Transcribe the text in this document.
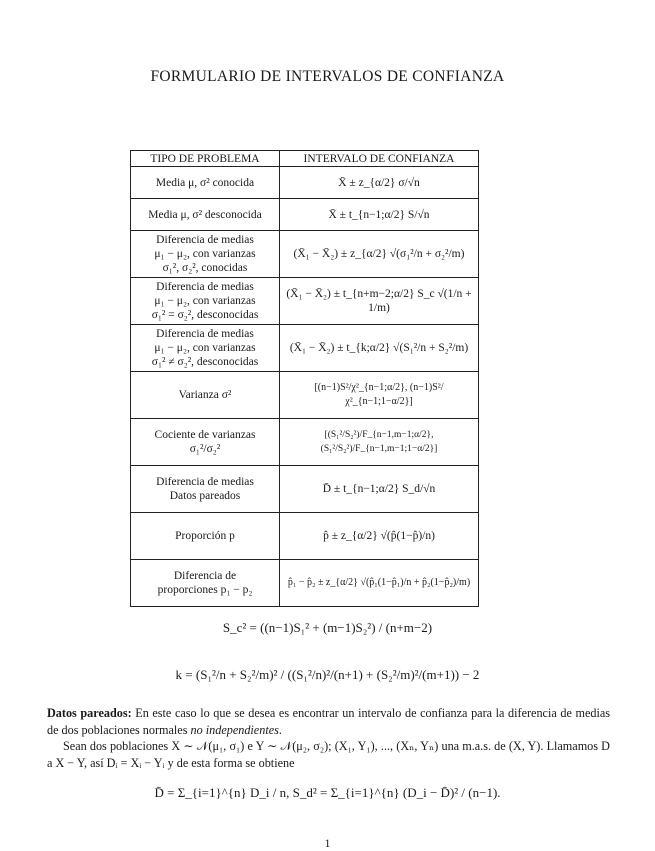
FORMULARIO DE INTERVALOS DE CONFIANZA
TIPO DE PROBLEMA	INTERVALO DE CONFIANZA
Media μ, σ² conocida	X̄ ± z_{α/2} σ/√n
Media μ, σ² desconocida	X̄ ± t_{n−1;α/2} S/√n

Diferencia de medias
μ₁ − μ₂, con varianzas
σ₁², σ₂², conocidas	(X̄₁ − X̄₂) ± z_{α/2} √(σ₁²/n + σ₂²/m)

Diferencia de medias
μ₁ − μ₂, con varianzas
σ₁² = σ₂², desconocidas	(X̄₁ − X̄₂) ± t_{n+m−2;α/2} S_c √(1/n + 1/m)

Diferencia de medias
μ₁ − μ₂, con varianzas
σ₁² ≠ σ₂², desconocidas	(X̄₁ − X̄₂) ± t_{k;α/2} √(S₁²/n + S₂²/m)
Varianza σ²	[(n−1)S²/χ²_{n−1;α/2}, (n−1)S²/χ²_{n−1;1−α/2}]

Cociente de varianzas
σ₁²/σ₂²	[(S₁²/S₂²)/F_{n−1,m−1;α/2}, (S₁²/S₂²)/F_{n−1,m−1;1−α/2}]

Diferencia de medias
Datos pareados	D̄ ± t_{n−1;α/2} S_d/√n
Proporción p	p̂ ± z_{α/2} √(p̂(1−p̂)/n)

Diferencia de
proporciones p₁ − p₂	p̂₁ − p̂₂ ± z_{α/2} √(p̂₁(1−p̂₁)/n + p̂₂(1−p̂₂)/m)
S_c² = ((n−1)S₁² + (m−1)S₂²) / (n+m−2)
k = (S₁²/n + S₂²/m)² / ((S₁²/n)²/(n+1) + (S₂²/m)²/(m+1)) − 2
Datos pareados: En este caso lo que se desea es encontrar un intervalo de confianza para la diferencia de medias de dos poblaciones normales no independientes.
Sean dos poblaciones X ∼ 𝒩(μ₁, σ₁) e Y ∼ 𝒩(μ₂, σ₂); (X₁, Y₁), ..., (Xₙ, Yₙ) una m.a.s. de (X, Y). Llamamos D a X − Y, así Dᵢ = Xᵢ − Yᵢ y de esta forma se obtiene
D̄ = Σ_{i=1}^{n} D_i / n, S_d² = Σ_{i=1}^{n} (D_i − D̄)² / (n−1).
1
